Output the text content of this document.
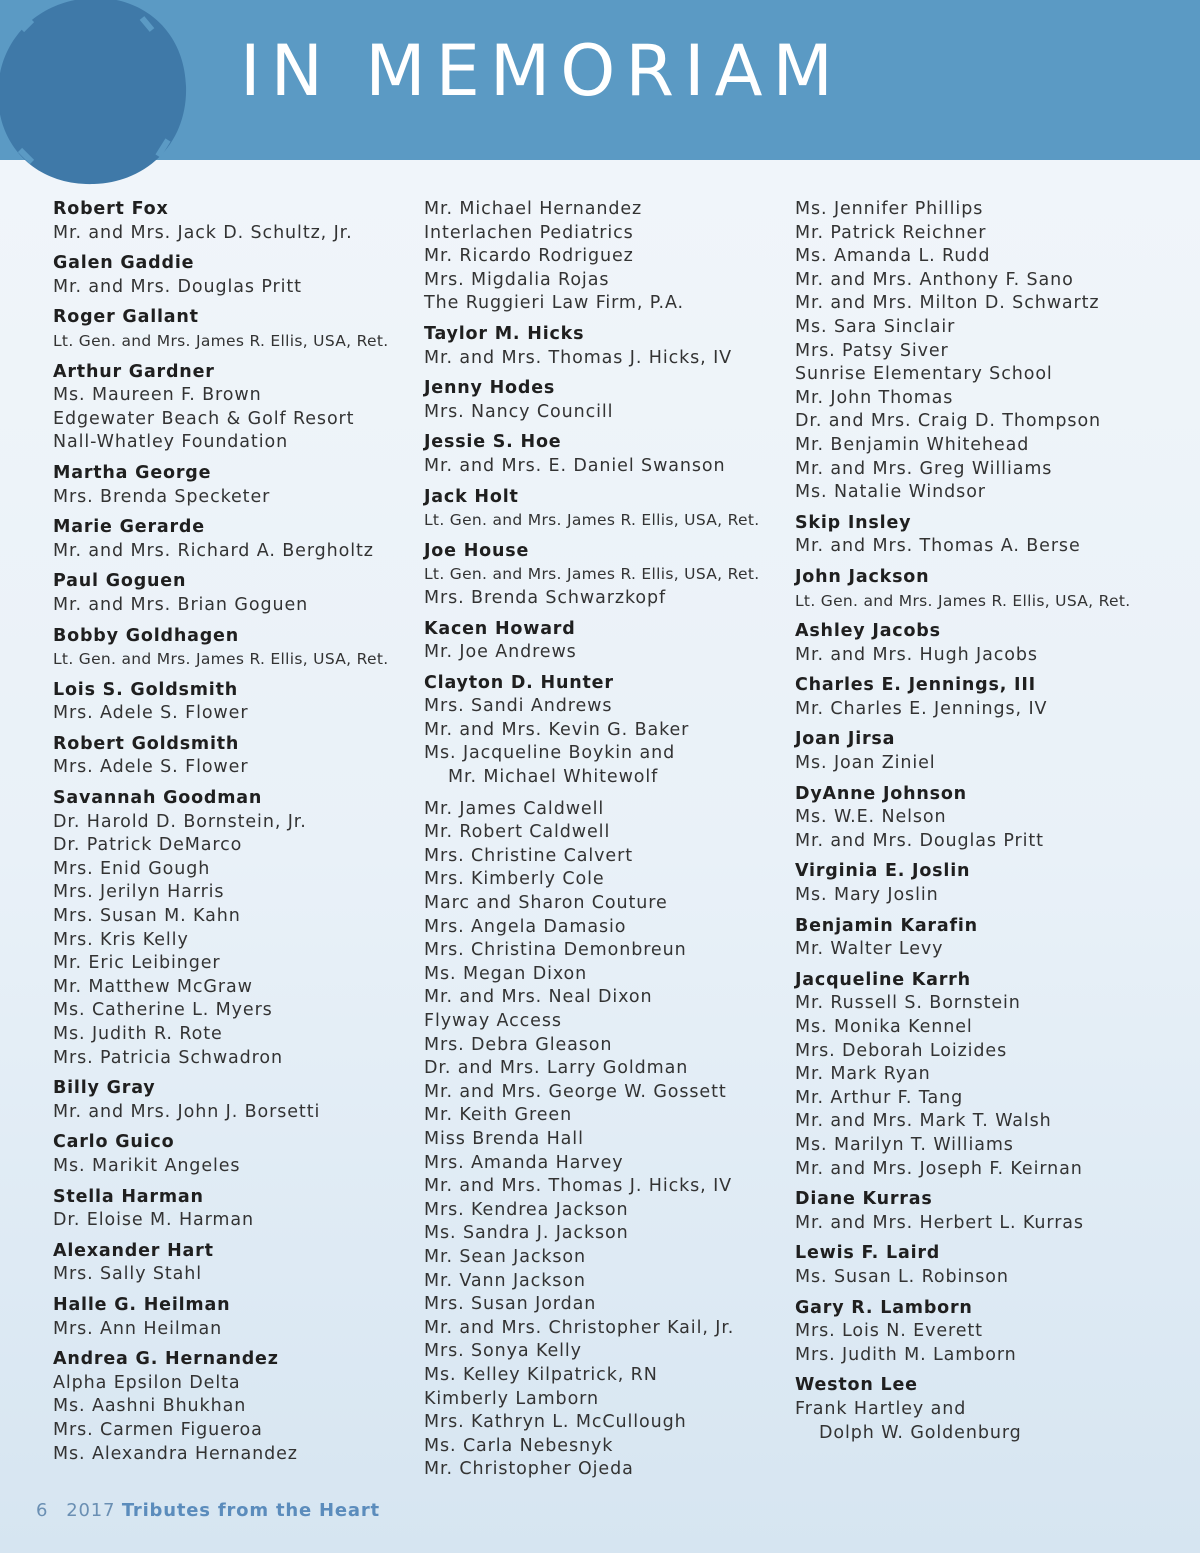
IN MEMORIAM
Robert Fox
Mr. and Mrs. Jack D. Schultz, Jr.
Galen Gaddie
Mr. and Mrs. Douglas Pritt
Roger Gallant
Lt. Gen. and Mrs. James R. Ellis, USA, Ret.
Arthur Gardner
Ms. Maureen F. Brown
Edgewater Beach & Golf Resort
Nall-Whatley Foundation
Martha George
Mrs. Brenda Specketer
Marie Gerarde
Mr. and Mrs. Richard A. Bergholtz
Paul Goguen
Mr. and Mrs. Brian Goguen
Bobby Goldhagen
Lt. Gen. and Mrs. James R. Ellis, USA, Ret.
Lois S. Goldsmith
Mrs. Adele S. Flower
Robert Goldsmith
Mrs. Adele S. Flower
Savannah Goodman
Dr. Harold D. Bornstein, Jr.
Dr. Patrick DeMarco
Mrs. Enid Gough
Mrs. Jerilyn Harris
Mrs. Susan M. Kahn
Mrs. Kris Kelly
Mr. Eric Leibinger
Mr. Matthew McGraw
Ms. Catherine L. Myers
Ms. Judith R. Rote
Mrs. Patricia Schwadron
Billy Gray
Mr. and Mrs. John J. Borsetti
Carlo Guico
Ms. Marikit Angeles
Stella Harman
Dr. Eloise M. Harman
Alexander Hart
Mrs. Sally Stahl
Halle G. Heilman
Mrs. Ann Heilman
Andrea G. Hernandez
Alpha Epsilon Delta
Ms. Aashni Bhukhan
Mrs. Carmen Figueroa
Ms. Alexandra Hernandez
Mr. Michael Hernandez
Interlachen Pediatrics
Mr. Ricardo Rodriguez
Mrs. Migdalia Rojas
The Ruggieri Law Firm, P.A.
Taylor M. Hicks
Mr. and Mrs. Thomas J. Hicks, IV
Jenny Hodes
Mrs. Nancy Councill
Jessie S. Hoe
Mr. and Mrs. E. Daniel Swanson
Jack Holt
Lt. Gen. and Mrs. James R. Ellis, USA, Ret.
Joe House
Lt. Gen. and Mrs. James R. Ellis, USA, Ret.
Mrs. Brenda Schwarzkopf
Kacen Howard
Mr. Joe Andrews
Clayton D. Hunter
Mrs. Sandi Andrews
Mr. and Mrs. Kevin G. Baker
Ms. Jacqueline Boykin and
Mr. Michael Whitewolf
Mr. James Caldwell
Mr. Robert Caldwell
Mrs. Christine Calvert
Mrs. Kimberly Cole
Marc and Sharon Couture
Mrs. Angela Damasio
Mrs. Christina Demonbreun
Ms. Megan Dixon
Mr. and Mrs. Neal Dixon
Flyway Access
Mrs. Debra Gleason
Dr. and Mrs. Larry Goldman
Mr. and Mrs. George W. Gossett
Mr. Keith Green
Miss Brenda Hall
Mrs. Amanda Harvey
Mr. and Mrs. Thomas J. Hicks, IV
Mrs. Kendrea Jackson
Ms. Sandra J. Jackson
Mr. Sean Jackson
Mr. Vann Jackson
Mrs. Susan Jordan
Mr. and Mrs. Christopher Kail, Jr.
Mrs. Sonya Kelly
Ms. Kelley Kilpatrick, RN
Kimberly Lamborn
Mrs. Kathryn L. McCullough
Ms. Carla Nebesnyk
Mr. Christopher Ojeda
Ms. Jennifer Phillips
Mr. Patrick Reichner
Ms. Amanda L. Rudd
Mr. and Mrs. Anthony F. Sano
Mr. and Mrs. Milton D. Schwartz
Ms. Sara Sinclair
Mrs. Patsy Siver
Sunrise Elementary School
Mr. John Thomas
Dr. and Mrs. Craig D. Thompson
Mr. Benjamin Whitehead
Mr. and Mrs. Greg Williams
Ms. Natalie Windsor
Skip Insley
Mr. and Mrs. Thomas A. Berse
John Jackson
Lt. Gen. and Mrs. James R. Ellis, USA, Ret.
Ashley Jacobs
Mr. and Mrs. Hugh Jacobs
Charles E. Jennings, III
Mr. Charles E. Jennings, IV
Joan Jirsa
Ms. Joan Ziniel
DyAnne Johnson
Ms. W.E. Nelson
Mr. and Mrs. Douglas Pritt
Virginia E. Joslin
Ms. Mary Joslin
Benjamin Karafin
Mr. Walter Levy
Jacqueline Karrh
Mr. Russell S. Bornstein
Ms. Monika Kennel
Mrs. Deborah Loizides
Mr. Mark Ryan
Mr. Arthur F. Tang
Mr. and Mrs. Mark T. Walsh
Ms. Marilyn T. Williams
Mr. and Mrs. Joseph F. Keirnan
Diane Kurras
Mr. and Mrs. Herbert L. Kurras
Lewis F. Laird
Ms. Susan L. Robinson
Gary R. Lamborn
Mrs. Lois N. Everett
Mrs. Judith M. Lamborn
Weston Lee
Frank Hartley and
Dolph W. Goldenburg
6 2017 Tributes from the Heart
